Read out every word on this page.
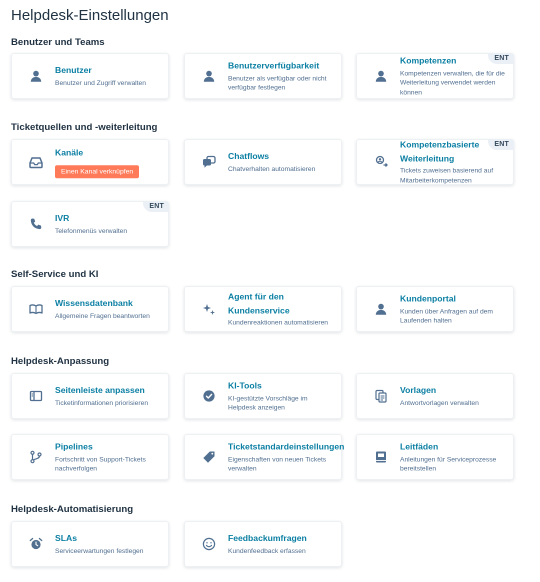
Helpdesk-Einstellungen
Benutzer und Teams
Benutzer
Benutzer und Zugriff verwalten
Benutzerverfügbarkeit
Benutzer als verfügbar oder nicht verfügbar festlegen
Kompetenzen
Kompetenzen verwalten, die für die Weiterleitung verwendet werden können
ENT
Ticketquellen und -weiterleitung
Kanäle
Einen Kanal verknüpfen
Chatflows
Chatverhalten automatisieren
Kompetenzbasierte Weiterleitung
Tickets zuweisen basierend auf Mitarbeiterkompetenzen
ENT
IVR
Telefonmenüs verwalten
ENT
Self-Service und KI
Wissensdatenbank
Allgemeine Fragen beantworten
Agent für den Kundenservice
Kundenreaktionen automatisieren
Kundenportal
Kunden über Anfragen auf dem Laufenden halten
Helpdesk-Anpassung
Seitenleiste anpassen
Ticketinformationen priorisieren
KI-Tools
KI-gestützte Vorschläge im Helpdesk anzeigen
Vorlagen
Antwortvorlagen verwalten
Pipelines
Fortschritt von Support-Tickets nachverfolgen
Ticketstandardeinstellungen
Eigenschaften von neuen Tickets verwalten
Leitfäden
Anleitungen für Serviceprozesse bereitstellen
Helpdesk-Automatisierung
SLAs
Serviceerwartungen festlegen
Feedbackumfragen
Kundenfeedback erfassen
